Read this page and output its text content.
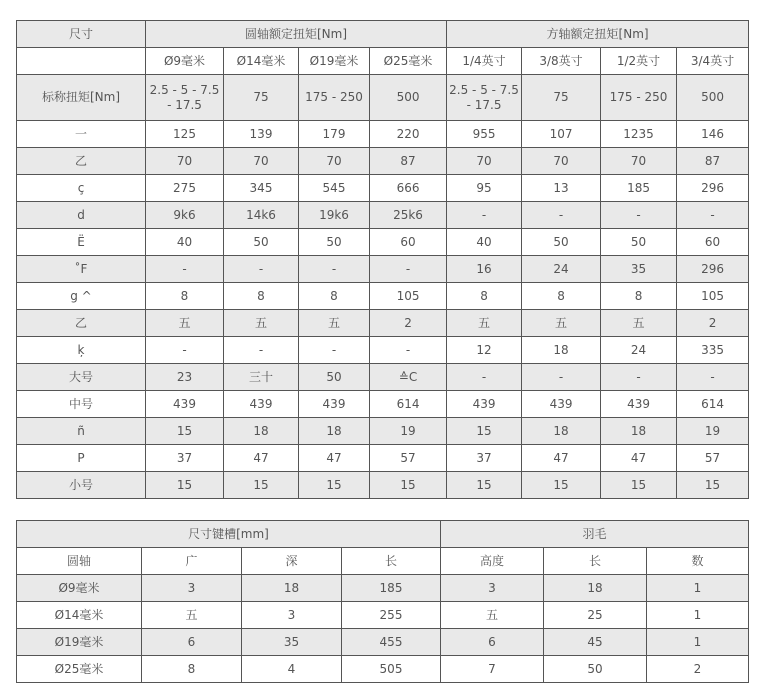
尺寸	圆轴额定扭矩[Nm]				方轴额定扭矩[Nm]			
	Ø9毫米	Ø14毫米	Ø19毫米	Ø25毫米	1/4英寸	3/8英寸	1/2英寸	3/4英寸
标称扭矩[Nm]	2.5 - 5 - 7.5 - 17.5	75	175 - 250	500	2.5 - 5 - 7.5 - 17.5	75	175 - 250	500
一	125	139	179	220	955	107	1235	146
乙	70	70	70	87	70	70	70	87
ç	275	345	545	666	95	13	185	296
d	9k6	14k6	19k6	25k6	-	-	-	-
Ë	40	50	50	60	40	50	50	60
˚F	-	-	-	-	16	24	35	296
g ^	8	8	8	105	8	8	8	105
乙	五	五	五	2	五	五	五	2
ķ	-	-	-	-	12	18	24	335
大号	23	三十	50	≙C	-	-	-	-
中号	439	439	439	614	439	439	439	614
ñ	15	18	18	19	15	18	18	19
P	37	47	47	57	37	47	47	57
小号	15	15	15	15	15	15	15	15
尺寸键槽[mm]				羽毛		
圆轴	广	深	长	高度	长	数
Ø9毫米	3	18	185	3	18	1
Ø14毫米	五	3	255	五	25	1
Ø19毫米	6	35	455	6	45	1
Ø25毫米	8	4	505	7	50	2
